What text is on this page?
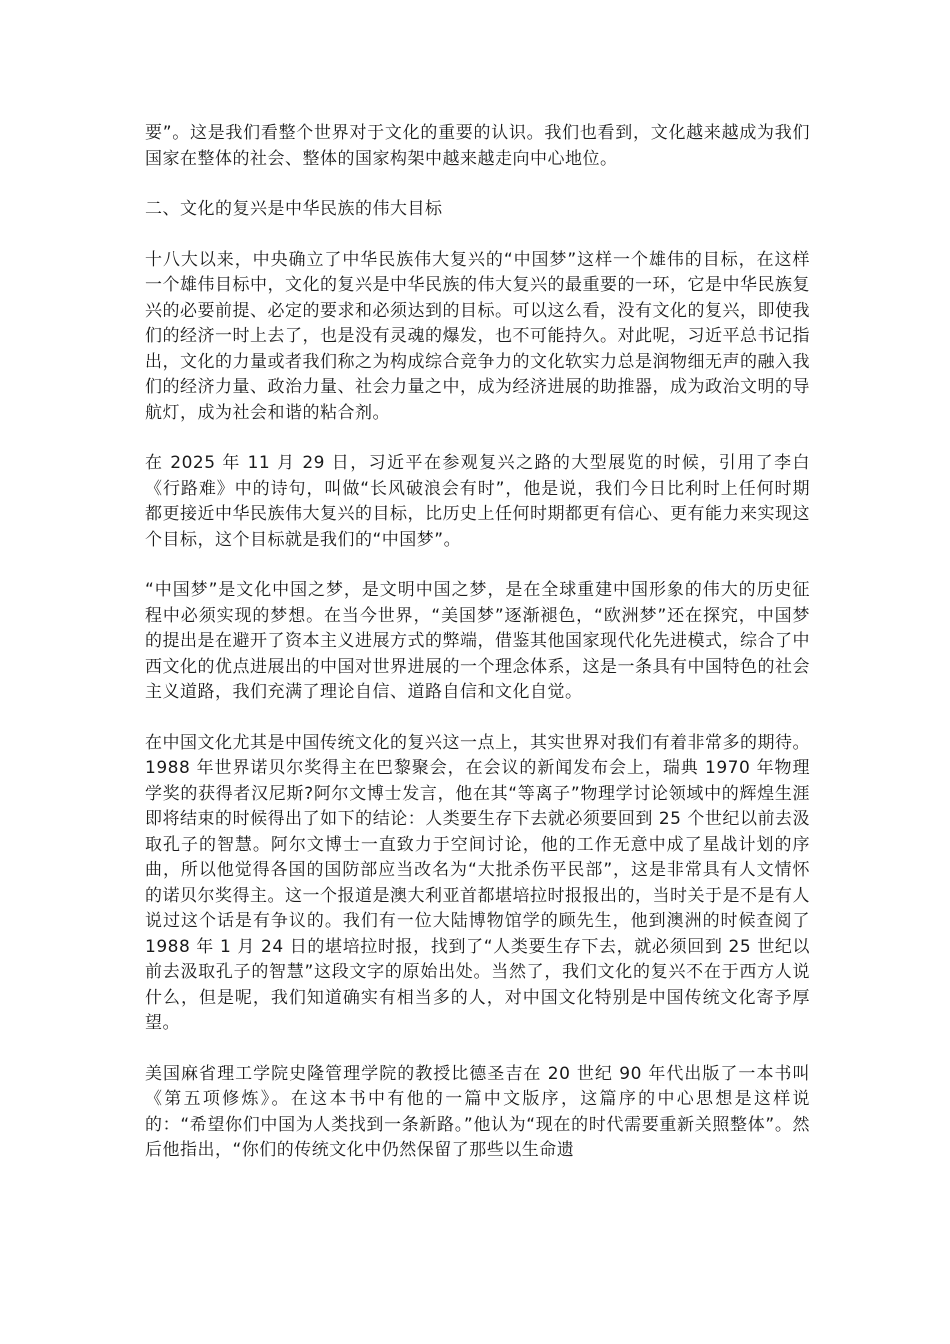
要”。这是我们看整个世界对于文化的重要的认识。我们也看到，文化越来越成为我们国家在整体的社会、整体的国家构架中越来越走向中心地位。

二、文化的复兴是中华民族的伟大目标

十八大以来，中央确立了中华民族伟大复兴的“中国梦”这样一个雄伟的目标，在这样一个雄伟目标中，文化的复兴是中华民族的伟大复兴的最重要的一环，它是中华民族复兴的必要前提、必定的要求和必须达到的目标。可以这么看，没有文化的复兴，即使我们的经济一时上去了，也是没有灵魂的爆发，也不可能持久。对此呢，习近平总书记指出，文化的力量或者我们称之为构成综合竞争力的文化软实力总是润物细无声的融入我们的经济力量、政治力量、社会力量之中，成为经济进展的助推器，成为政治文明的导航灯，成为社会和谐的粘合剂。

在 2025 年 11 月 29 日，习近平在参观复兴之路的大型展览的时候，引用了李白《行路难》中的诗句，叫做“长风破浪会有时”，他是说，我们今日比利时上任何时期都更接近中华民族伟大复兴的目标，比历史上任何时期都更有信心、更有能力来实现这个目标，这个目标就是我们的“中国梦”。

“中国梦”是文化中国之梦，是文明中国之梦，是在全球重建中国形象的伟大的历史征程中必须实现的梦想。在当今世界，“美国梦”逐渐褪色，“欧洲梦”还在探究，中国梦的提出是在避开了资本主义进展方式的弊端，借鉴其他国家现代化先进模式，综合了中西文化的优点进展出的中国对世界进展的一个理念体系，这是一条具有中国特色的社会主义道路，我们充满了理论自信、道路自信和文化自觉。

在中国文化尤其是中国传统文化的复兴这一点上，其实世界对我们有着非常多的期待。1988 年世界诺贝尔奖得主在巴黎聚会，在会议的新闻发布会上，瑞典 1970 年物理学奖的获得者汉尼斯?阿尔文博士发言，他在其“等离子”物理学讨论领域中的辉煌生涯即将结束的时候得出了如下的结论：人类要生存下去就必须要回到 25 个世纪以前去汲取孔子的智慧。阿尔文博士一直致力于空间讨论，他的工作无意中成了星战计划的序曲，所以他觉得各国的国防部应当改名为“大批杀伤平民部”，这是非常具有人文情怀的诺贝尔奖得主。这一个报道是澳大利亚首都堪培拉时报报出的，当时关于是不是有人说过这个话是有争议的。我们有一位大陆博物馆学的顾先生，他到澳洲的时候查阅了 1988 年 1 月 24 日的堪培拉时报，找到了“人类要生存下去，就必须回到 25 世纪以前去汲取孔子的智慧”这段文字的原始出处。当然了，我们文化的复兴不在于西方人说什么，但是呢，我们知道确实有相当多的人，对中国文化特别是中国传统文化寄予厚望。

美国麻省理工学院史隆管理学院的教授比德圣吉在 20 世纪 90 年代出版了一本书叫《第五项修炼》。在这本书中有他的一篇中文版序，这篇序的中心思想是这样说的：“希望你们中国为人类找到一条新路。”他认为“现在的时代需要重新关照整体”。然后他指出，“你们的传统文化中仍然保留了那些以生命遗
